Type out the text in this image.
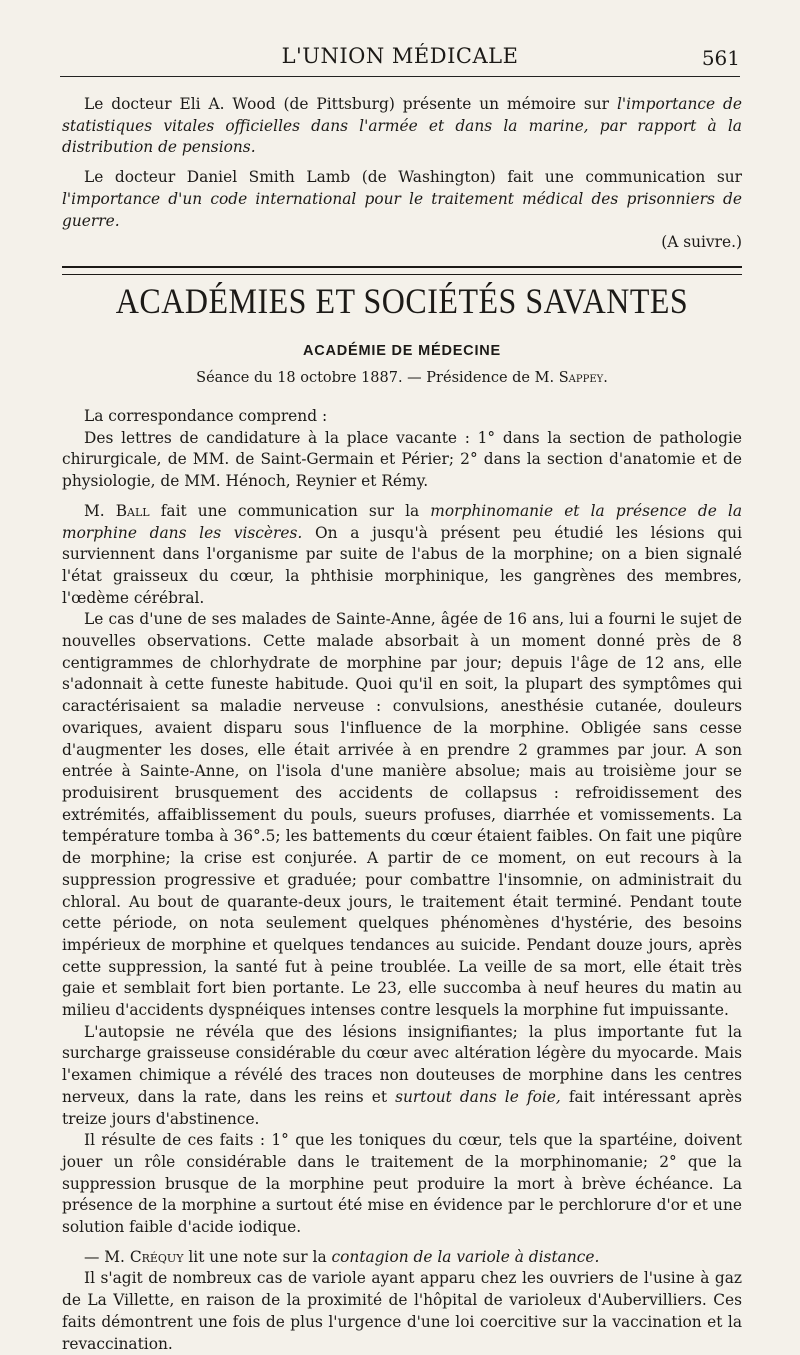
L'UNION MÉDICALE	561

Le docteur Eli A. Wood (de Pittsburg) présente un mémoire sur l'importance de statistiques vitales officielles dans l'armée et dans la marine, par rapport à la distribution de pensions.

Le docteur Daniel Smith Lamb (de Washington) fait une communication sur l'importance d'un code international pour le traitement médical des prisonniers de guerre.

(A suivre.)

ACADÉMIES ET SOCIÉTÉS SAVANTES
ACADÉMIE DE MÉDECINE
Séance du 18 octobre 1887. — Présidence de M. Sappey.

La correspondance comprend :

Des lettres de candidature à la place vacante : 1° dans la section de pathologie chirurgicale, de MM. de Saint-Germain et Périer; 2° dans la section d'anatomie et de physiologie, de MM. Hénoch, Reynier et Rémy.

M. Ball fait une communication sur la morphinomanie et la présence de la morphine dans les viscères. On a jusqu'à présent peu étudié les lésions qui surviennent dans l'organisme par suite de l'abus de la morphine; on a bien signalé l'état graisseux du cœur, la phthisie morphinique, les gangrènes des membres, l'œdème cérébral.

Le cas d'une de ses malades de Sainte-Anne, âgée de 16 ans, lui a fourni le sujet de nouvelles observations. Cette malade absorbait à un moment donné près de 8 centigrammes de chlorhydrate de morphine par jour; depuis l'âge de 12 ans, elle s'adonnait à cette funeste habitude. Quoi qu'il en soit, la plupart des symptômes qui caractérisaient sa maladie nerveuse : convulsions, anesthésie cutanée, douleurs ovariques, avaient disparu sous l'influence de la morphine. Obligée sans cesse d'augmenter les doses, elle était arrivée à en prendre 2 grammes par jour. A son entrée à Sainte-Anne, on l'isola d'une manière absolue; mais au troisième jour se produisirent brusquement des accidents de collapsus : refroidissement des extrémités, affaiblissement du pouls, sueurs profuses, diarrhée et vomissements. La température tomba à 36°.5; les battements du cœur étaient faibles. On fait une piqûre de morphine; la crise est conjurée. A partir de ce moment, on eut recours à la suppression progressive et graduée; pour combattre l'insomnie, on administrait du chloral. Au bout de quarante-deux jours, le traitement était terminé. Pendant toute cette période, on nota seulement quelques phénomènes d'hystérie, des besoins impérieux de morphine et quelques tendances au suicide. Pendant douze jours, après cette suppression, la santé fut à peine troublée. La veille de sa mort, elle était très gaie et semblait fort bien portante. Le 23, elle succomba à neuf heures du matin au milieu d'accidents dyspnéiques intenses contre lesquels la morphine fut impuissante.

L'autopsie ne révéla que des lésions insignifiantes; la plus importante fut la surcharge graisseuse considérable du cœur avec altération légère du myocarde. Mais l'examen chimique a révélé des traces non douteuses de morphine dans les centres nerveux, dans la rate, dans les reins et surtout dans le foie, fait intéressant après treize jours d'abstinence.

Il résulte de ces faits : 1° que les toniques du cœur, tels que la spartéine, doivent jouer un rôle considérable dans le traitement de la morphinomanie; 2° que la suppression brusque de la morphine peut produire la mort à brève échéance. La présence de la morphine a surtout été mise en évidence par le perchlorure d'or et une solution faible d'acide iodique.

— M. Créquy lit une note sur la contagion de la variole à distance.

Il s'agit de nombreux cas de variole ayant apparu chez les ouvriers de l'usine à gaz de La Villette, en raison de la proximité de l'hôpital de varioleux d'Aubervilliers. Ces faits démontrent une fois de plus l'urgence d'une loi coercitive sur la vaccination et la revaccination.
